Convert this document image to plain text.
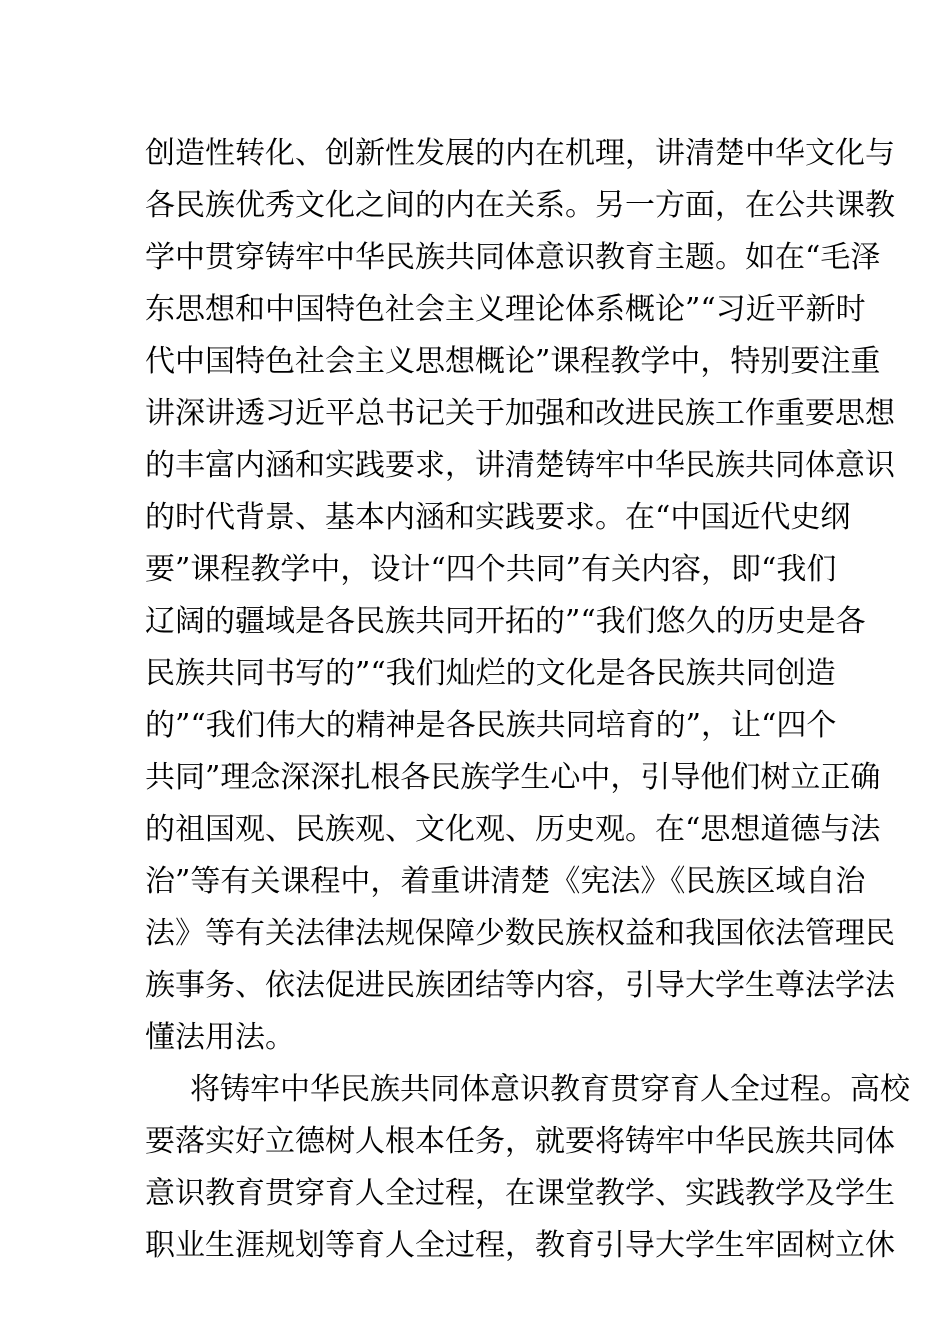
创造性转化、创新性发展的内在机理，讲清楚中华文化与
各民族优秀文化之间的内在关系。另一方面，在公共课教
学中贯穿铸牢中华民族共同体意识教育主题。如在“毛泽
东思想和中国特色社会主义理论体系概论”“习近平新时
代中国特色社会主义思想概论”课程教学中，特别要注重
讲深讲透习近平总书记关于加强和改进民族工作重要思想
的丰富内涵和实践要求，讲清楚铸牢中华民族共同体意识
的时代背景、基本内涵和实践要求。在“中国近代史纲
要”课程教学中，设计“四个共同”有关内容，即“我们
辽阔的疆域是各民族共同开拓的”“我们悠久的历史是各
民族共同书写的”“我们灿烂的文化是各民族共同创造
的”“我们伟大的精神是各民族共同培育的”，让“四个
共同”理念深深扎根各民族学生心中，引导他们树立正确
的祖国观、民族观、文化观、历史观。在“思想道德与法
治”等有关课程中，着重讲清楚《宪法》《民族区域自治
法》等有关法律法规保障少数民族权益和我国依法管理民
族事务、依法促进民族团结等内容，引导大学生尊法学法
懂法用法。
将铸牢中华民族共同体意识教育贯穿育人全过程。高校
要落实好立德树人根本任务，就要将铸牢中华民族共同体
意识教育贯穿育人全过程，在课堂教学、实践教学及学生
职业生涯规划等育人全过程，教育引导大学生牢固树立休
